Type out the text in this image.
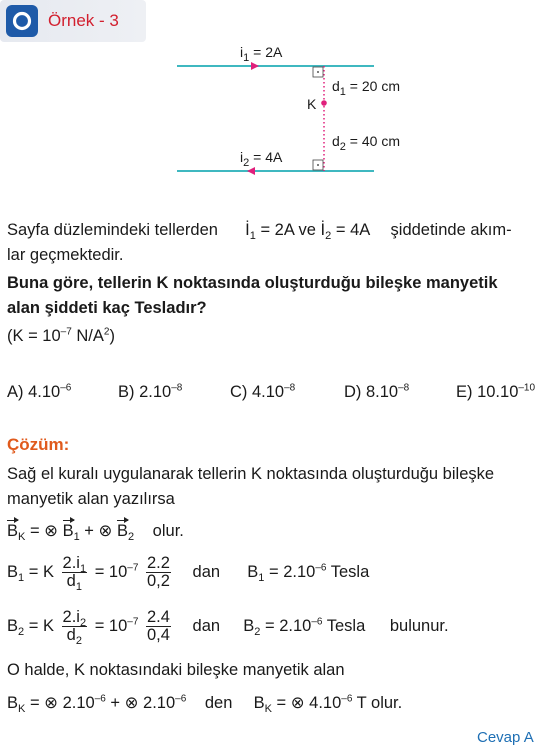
Örnek - 3
$i_1 = 2A$
$i_2 = 4A$
K
$d_1 = 20$ cm
$d_2 = 40$ cm
Sayfa düzlemindeki tellerden $İ_1 = 2A$ ve $İ_2 = 4A$ şiddetinde akım-
lar geçmektedir.
Buna göre, tellerin K noktasında oluşturduğu bileşke manyetik
alan şiddeti kaç Tesladır?
($K = 10^{-7}$ $N/A^2$)
A) $4.10^{-6}$	B) $2.10^{-8}$	C) $4.10^{-8}$	D) $8.10^{-8}$	E) $10.10^{-10}$
Çözüm:
Sağ el kuralı uygulanarak tellerin K noktasında oluşturduğu bileşke
manyetik alan yazılırsa
$B_K$ = ⊗ $B_1$ + ⊗ $B_2$ olur.
$B_1 = K \frac{2.i_1}{d_1} = 10^{-7} \frac{2.2}{0,2}$ dan $B_1 = 2.10^{-6}$ Tesla
$B_2 = K \frac{2.i_2}{d_2} = 10^{-7} \frac{2.4}{0,4}$ dan $B_2 = 2.10^{-6}$ Tesla bulunur.
O halde, K noktasındaki bileşke manyetik alan
$B_K$ = ⊗ $2.10^{-6}$ + ⊗ $2.10^{-6}$ den $B_K$ = ⊗ $4.10^{-6}$ T olur.
Cevap A
